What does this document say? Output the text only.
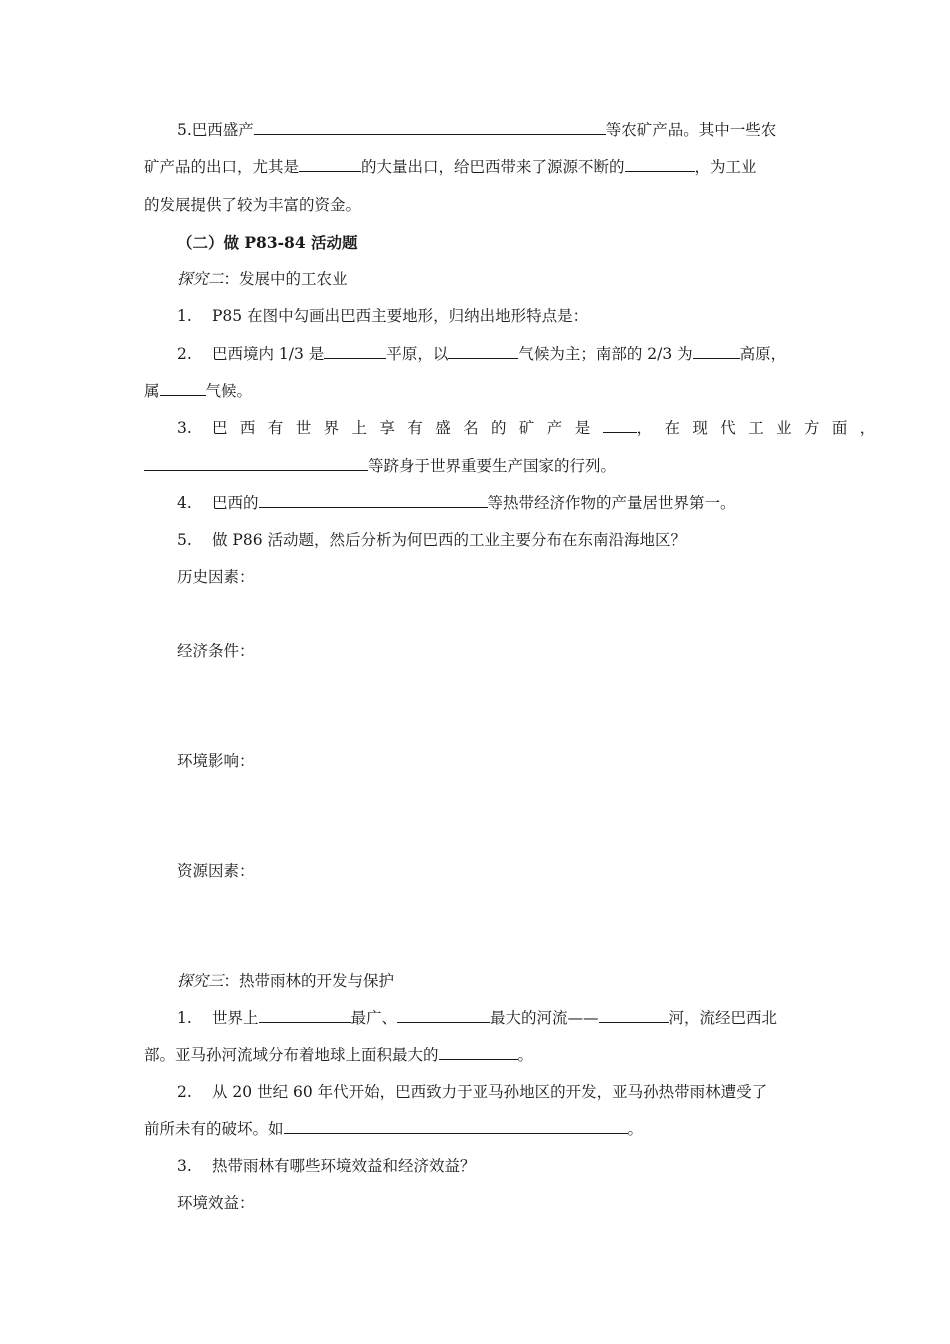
5.巴西盛产	等农矿产品。其中一些农
矿产品的出口，尤其是	的大量出口，给巴西带来了源源不断的	，为工业
的发展提供了较为丰富的资金。
（二）做 P83-84 活动题
探究二：发展中的工农业
1. P85 在图中勾画出巴西主要地形，归纳出地形特点是：
2. 巴西境内 1/3 是	平原，以	气候为主；南部的 2/3 为	高原，
属	气候。
3. 巴西有世界上享有盛名的矿产是 ，在现代工业方面，
等跻身于世界重要生产国家的行列。
4. 巴西的	等热带经济作物的产量居世界第一。
5. 做 P86 活动题，然后分析为何巴西的工业主要分布在东南沿海地区？
历史因素：
经济条件：
环境影响：
资源因素：
探究三：热带雨林的开发与保护
1. 世界上	最广、	最大的河流——	河，流经巴西北
部。亚马孙河流域分布着地球上面积最大的	。
2. 从 20 世纪 60 年代开始，巴西致力于亚马孙地区的开发，亚马孙热带雨林遭受了
前所未有的破坏。如	。
3. 热带雨林有哪些环境效益和经济效益？
环境效益：
